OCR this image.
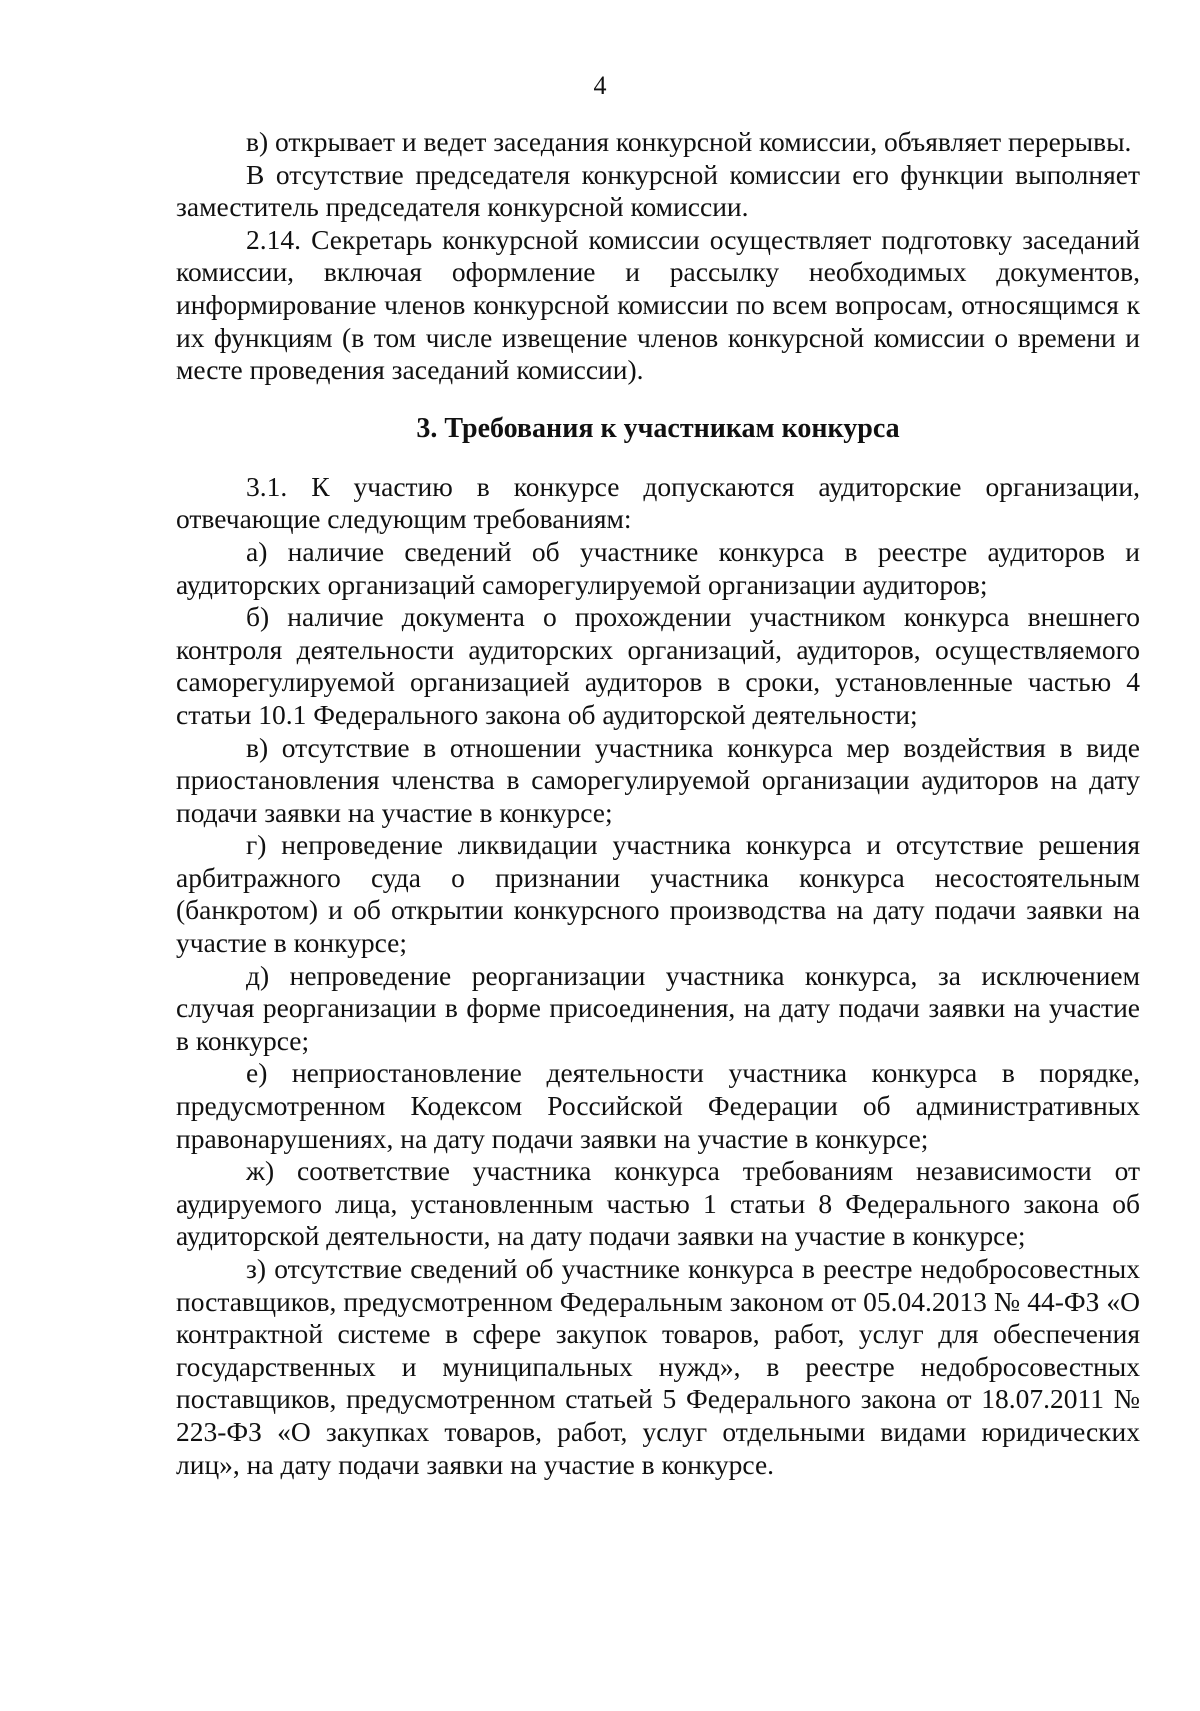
4

в) открывает и ведет заседания конкурсной комиссии, объявляет перерывы.

В отсутствие председателя конкурсной комиссии его функции выполняет заместитель председателя конкурсной комиссии.

2.14. Секретарь конкурсной комиссии осуществляет подготовку заседаний комиссии, включая оформление и рассылку необходимых документов, информирование членов конкурсной комиссии по всем вопросам, относящимся к их функциям (в том числе извещение членов конкурсной комиссии о времени и месте проведения заседаний комиссии).

3. Требования к участникам конкурса

3.1. К участию в конкурсе допускаются аудиторские организации, отвечающие следующим требованиям:

а) наличие сведений об участнике конкурса в реестре аудиторов и аудиторских организаций саморегулируемой организации аудиторов;

б) наличие документа о прохождении участником конкурса внешнего контроля деятельности аудиторских организаций, аудиторов, осуществляемого саморегулируемой организацией аудиторов в сроки, установленные частью 4 статьи 10.1 Федерального закона об аудиторской деятельности;

в) отсутствие в отношении участника конкурса мер воздействия в виде приостановления членства в саморегулируемой организации аудиторов на дату подачи заявки на участие в конкурсе;

г) непроведение ликвидации участника конкурса и отсутствие решения арбитражного суда о признании участника конкурса несостоятельным (банкротом) и об открытии конкурсного производства на дату подачи заявки на участие в конкурсе;

д) непроведение реорганизации участника конкурса, за исключением случая реорганизации в форме присоединения, на дату подачи заявки на участие в конкурсе;

е) неприостановление деятельности участника конкурса в порядке, предусмотренном Кодексом Российской Федерации об административных правонарушениях, на дату подачи заявки на участие в конкурсе;

ж) соответствие участника конкурса требованиям независимости от аудируемого лица, установленным частью 1 статьи 8 Федерального закона об аудиторской деятельности, на дату подачи заявки на участие в конкурсе;

з) отсутствие сведений об участнике конкурса в реестре недобросовестных поставщиков, предусмотренном Федеральным законом от 05.04.2013 № 44-ФЗ «О контрактной системе в сфере закупок товаров, работ, услуг для обеспечения государственных и муниципальных нужд», в реестре недобросовестных поставщиков, предусмотренном статьей 5 Федерального закона от 18.07.2011 № 223-ФЗ «О закупках товаров, работ, услуг отдельными видами юридических лиц», на дату подачи заявки на участие в конкурсе.
